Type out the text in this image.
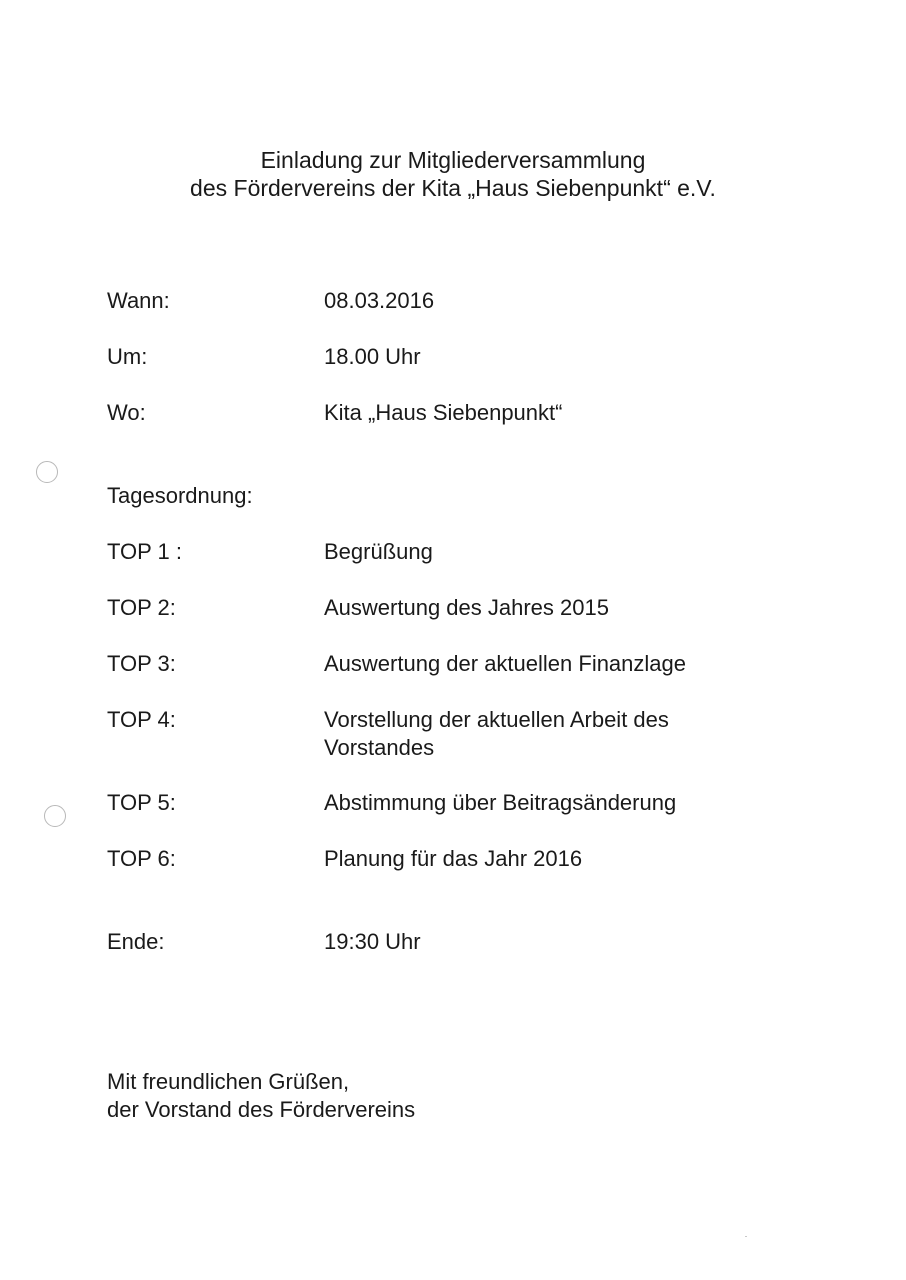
Einladung zur Mitgliederversammlung
des Fördervereins der Kita „Haus Siebenpunkt“ e.V.
Wann:	08.03.2016
Um:	18.00 Uhr
Wo:	Kita „Haus Siebenpunkt“
Tagesordnung:
TOP 1 :	Begrüßung
TOP 2:	Auswertung des Jahres 2015
TOP 3:	Auswertung der aktuellen Finanzlage
TOP 4:	Vorstellung der aktuellen Arbeit des Vorstandes
TOP 5:	Abstimmung über Beitragsänderung
TOP 6:	Planung für das Jahr 2016
Ende:	19:30 Uhr
Mit freundlichen Grüßen,
der Vorstand des Fördervereins
